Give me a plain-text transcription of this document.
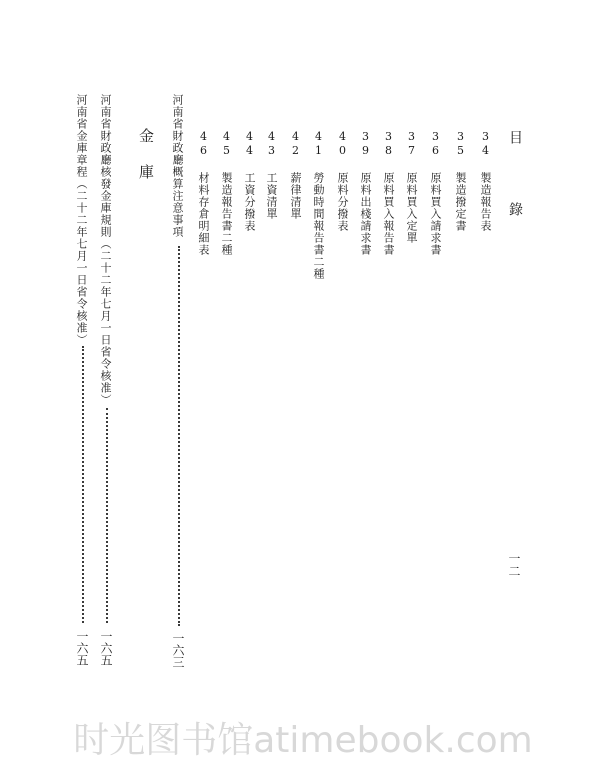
目　錄
一二
34 製造報告表
35 製造撥定書
36 原料買入請求書
37 原料買入定單
38 原料買入報告書
39 原料出棧請求書
40 原料分撥表
41 勞動時間報告書二種
42 薪律清單
43 工資清單
44 工資分撥表
45 製造報告書二種
46 材料存倉明細表
河南省財政廳概算注意事項
一六三
金　庫
河南省財政廳核發金庫規則（二十二年七月一日省令核准）
一六五
河南省金庫章程（二十二年七月一日省令核准）
一六五
时光图书馆atimebook.com
